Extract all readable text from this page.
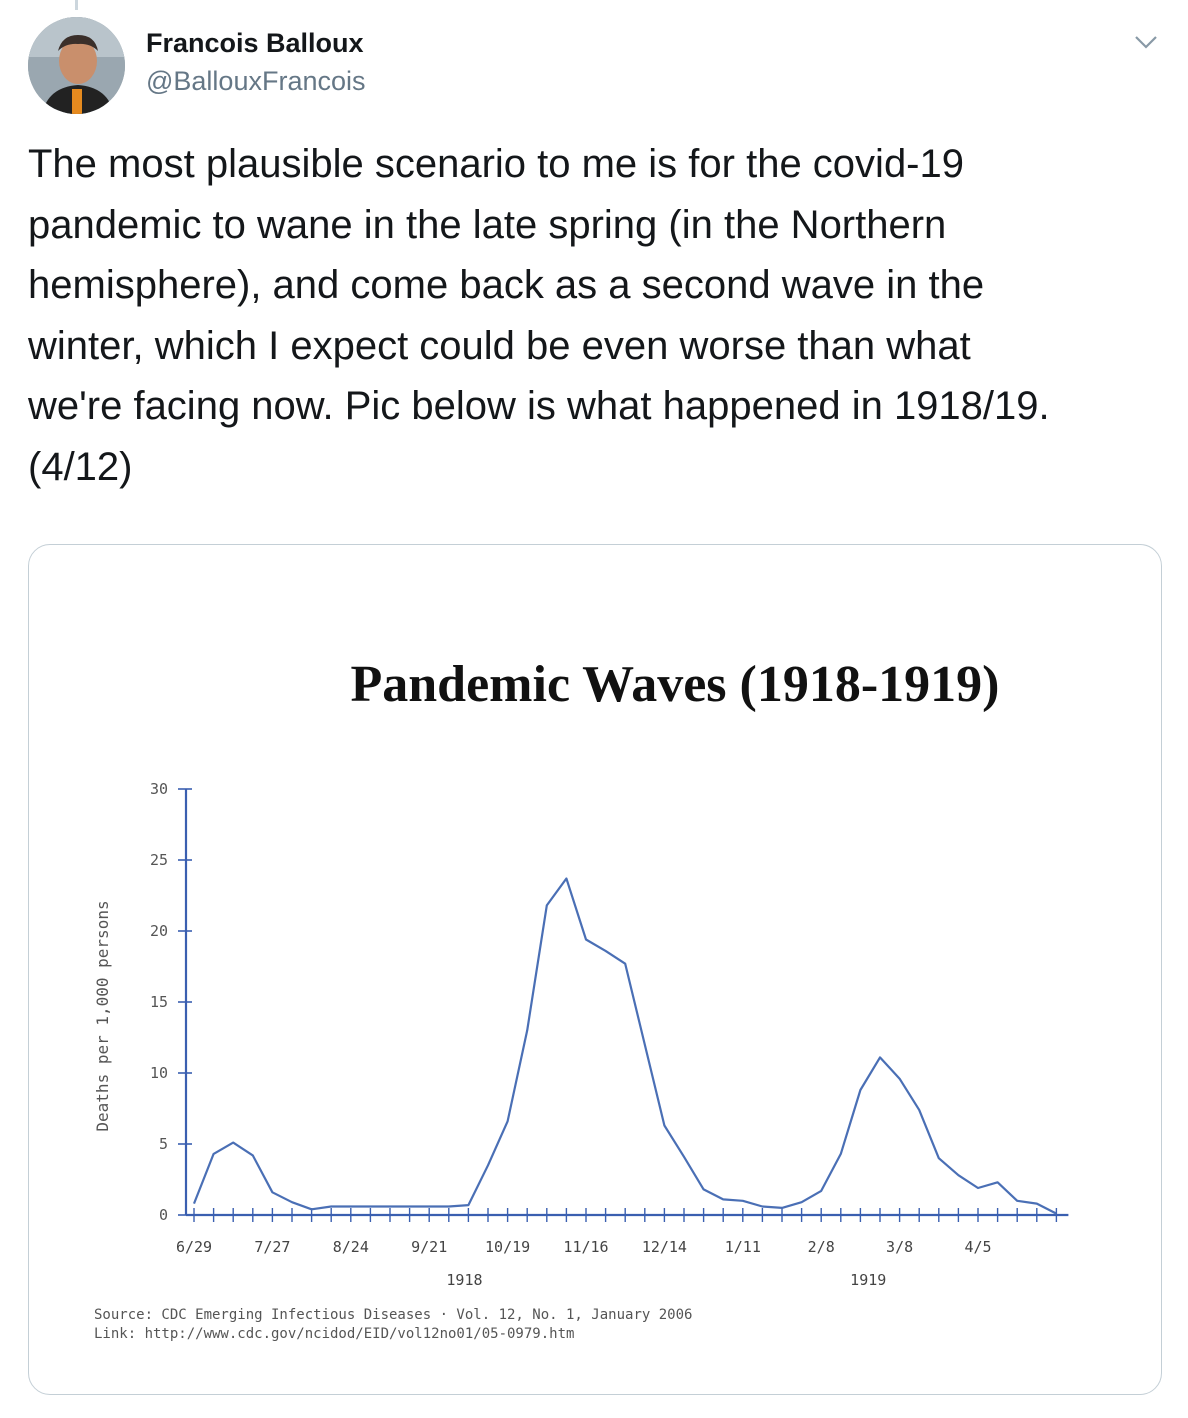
Francois Balloux
@BallouxFrancois

The most plausible scenario to me is for the covid-19
pandemic to wane in the late spring (in the Northern
hemisphere), and come back as a second wave in the
winter, which I expect could be even worse than what
we're facing now. Pic below is what happened in 1918/19.
(4/12)

Pandemic Waves (1918-1919)
0
5
10
15
20
25
30
6/29	7/27	8/24	9/21	10/19 11/16 12/14	1/11	2/8	3/8	4/5
1918	1919
Deaths per 1,000 persons
Source: CDC Emerging Infectious Diseases · Vol. 12, No. 1, January 2006
Link: http://www.cdc.gov/ncidod/EID/vol12no01/05-0979.htm
